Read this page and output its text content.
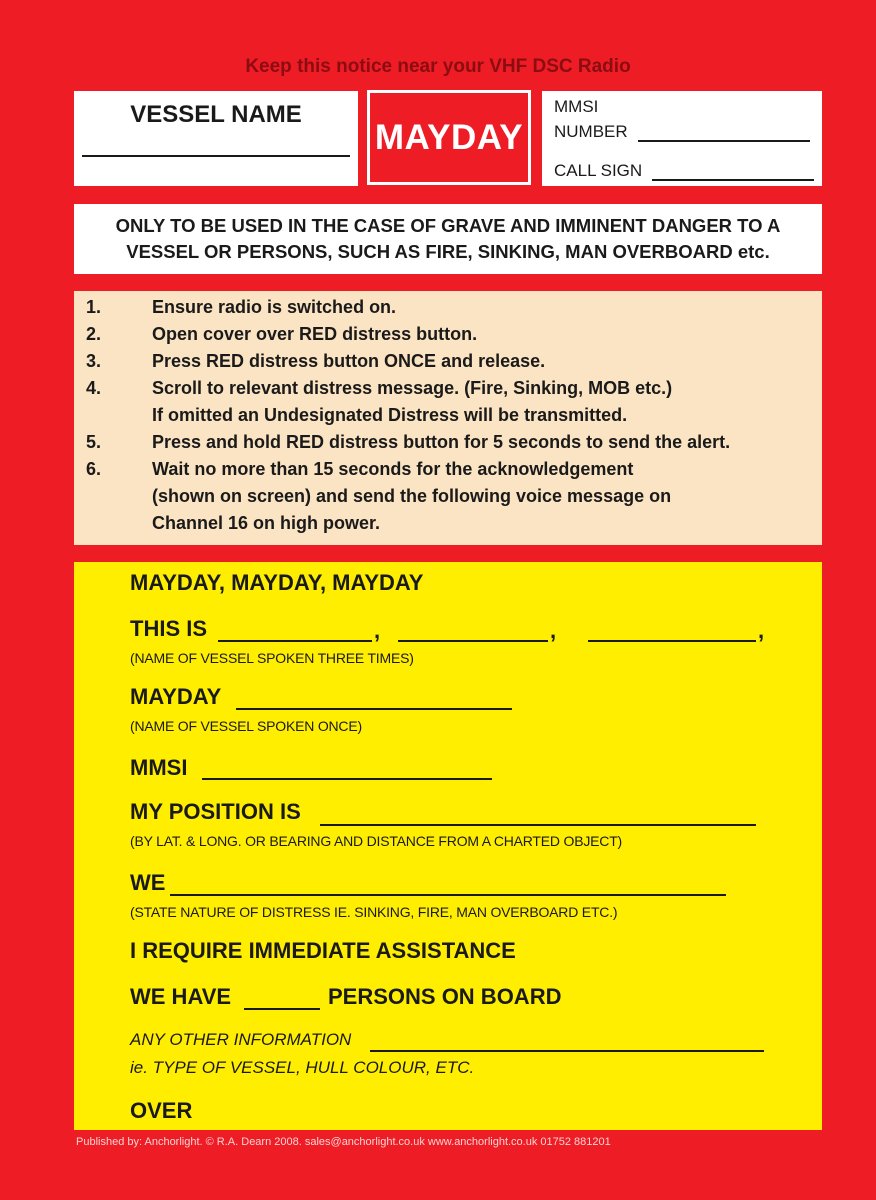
Keep this notice near your VHF DSC Radio
VESSEL NAME
MAYDAY
MMSI
NUMBER
CALL SIGN
ONLY TO BE USED IN THE CASE OF GRAVE AND IMMINENT DANGER TO A
VESSEL OR PERSONS, SUCH AS FIRE, SINKING, MAN OVERBOARD etc.
1.	Ensure radio is switched on.
2.	Open cover over RED distress button.
3.	Press RED distress button ONCE and release.
4.	Scroll to relevant distress message. (Fire, Sinking, MOB etc.)
If omitted an Undesignated Distress will be transmitted.
5.	Press and hold RED distress button for 5 seconds to send the alert.
6.	Wait no more than 15 seconds for the acknowledgement
(shown on screen) and send the following voice message on
Channel 16 on high power.
MAYDAY, MAYDAY, MAYDAY
THIS IS	,	,	,
(NAME OF VESSEL SPOKEN THREE TIMES)
MAYDAY
(NAME OF VESSEL SPOKEN ONCE)
MMSI
MY POSITION IS
(BY LAT. & LONG. OR BEARING AND DISTANCE FROM A CHARTED OBJECT)
WE
(STATE NATURE OF DISTRESS IE. SINKING, FIRE, MAN OVERBOARD ETC.)
I REQUIRE IMMEDIATE ASSISTANCE
WE HAVE	PERSONS ON BOARD
ANY OTHER INFORMATION
ie. TYPE OF VESSEL, HULL COLOUR, ETC.
OVER
Published by: Anchorlight. © R.A. Dearn 2008. sales@anchorlight.co.uk www.anchorlight.co.uk 01752 881201
